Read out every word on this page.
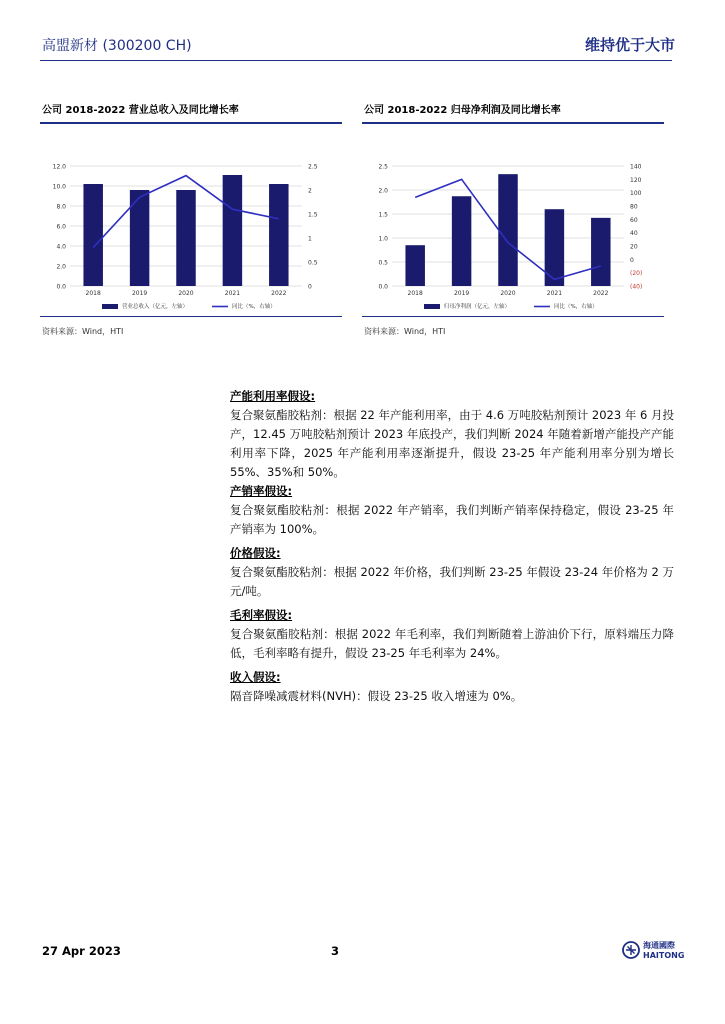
高盟新材 (300200 CH)	维持优于大市
公司 2018-2022 营业总收入及同比增长率
12.0
10.0
8.0
6.0
4.0
2.0
0.0
2.5
2
1.5
1
0.5
0
2018	2019	2020	2021	2022
营业总收入（亿元，左轴）	同比（%，右轴）
资料来源：Wind，HTI
公司 2018-2022 归母净利润及同比增长率
2.5
2.0
1.5
1.0
0.5
0.0
140
120
100
80
60
40
20
0
(20)
(40)
2018	2019	2020	2021	2022
归母净利润（亿元，左轴）	同比（%，右轴）
资料来源：Wind，HTI
产能利用率假设:
复合聚氨酯胶粘剂：根据 22 年产能利用率，由于 4.6 万吨胶粘剂预计 2023 年 6 月投产，12.45 万吨胶粘剂预计 2023 年底投产，我们判断 2024 年随着新增产能投产产能利用率下降，2025 年产能利用率逐渐提升，假设 23-25 年产能利用率分别为增长 55%、35%和 50%。
产销率假设:
复合聚氨酯胶粘剂：根据 2022 年产销率，我们判断产销率保持稳定，假设 23-25 年产销率为 100%。
价格假设:
复合聚氨酯胶粘剂：根据 2022 年价格，我们判断 23-25 年假设 23-24 年价格为 2 万元/吨。
毛利率假设:
复合聚氨酯胶粘剂：根据 2022 年毛利率，我们判断随着上游油价下行，原料端压力降低，毛利率略有提升，假设 23-25 年毛利率为 24%。
收入假设:
隔音降噪减震材料(NVH)：假设 23-25 收入增速为 0%。
27 Apr 2023	3	海通國際
HAITONG
